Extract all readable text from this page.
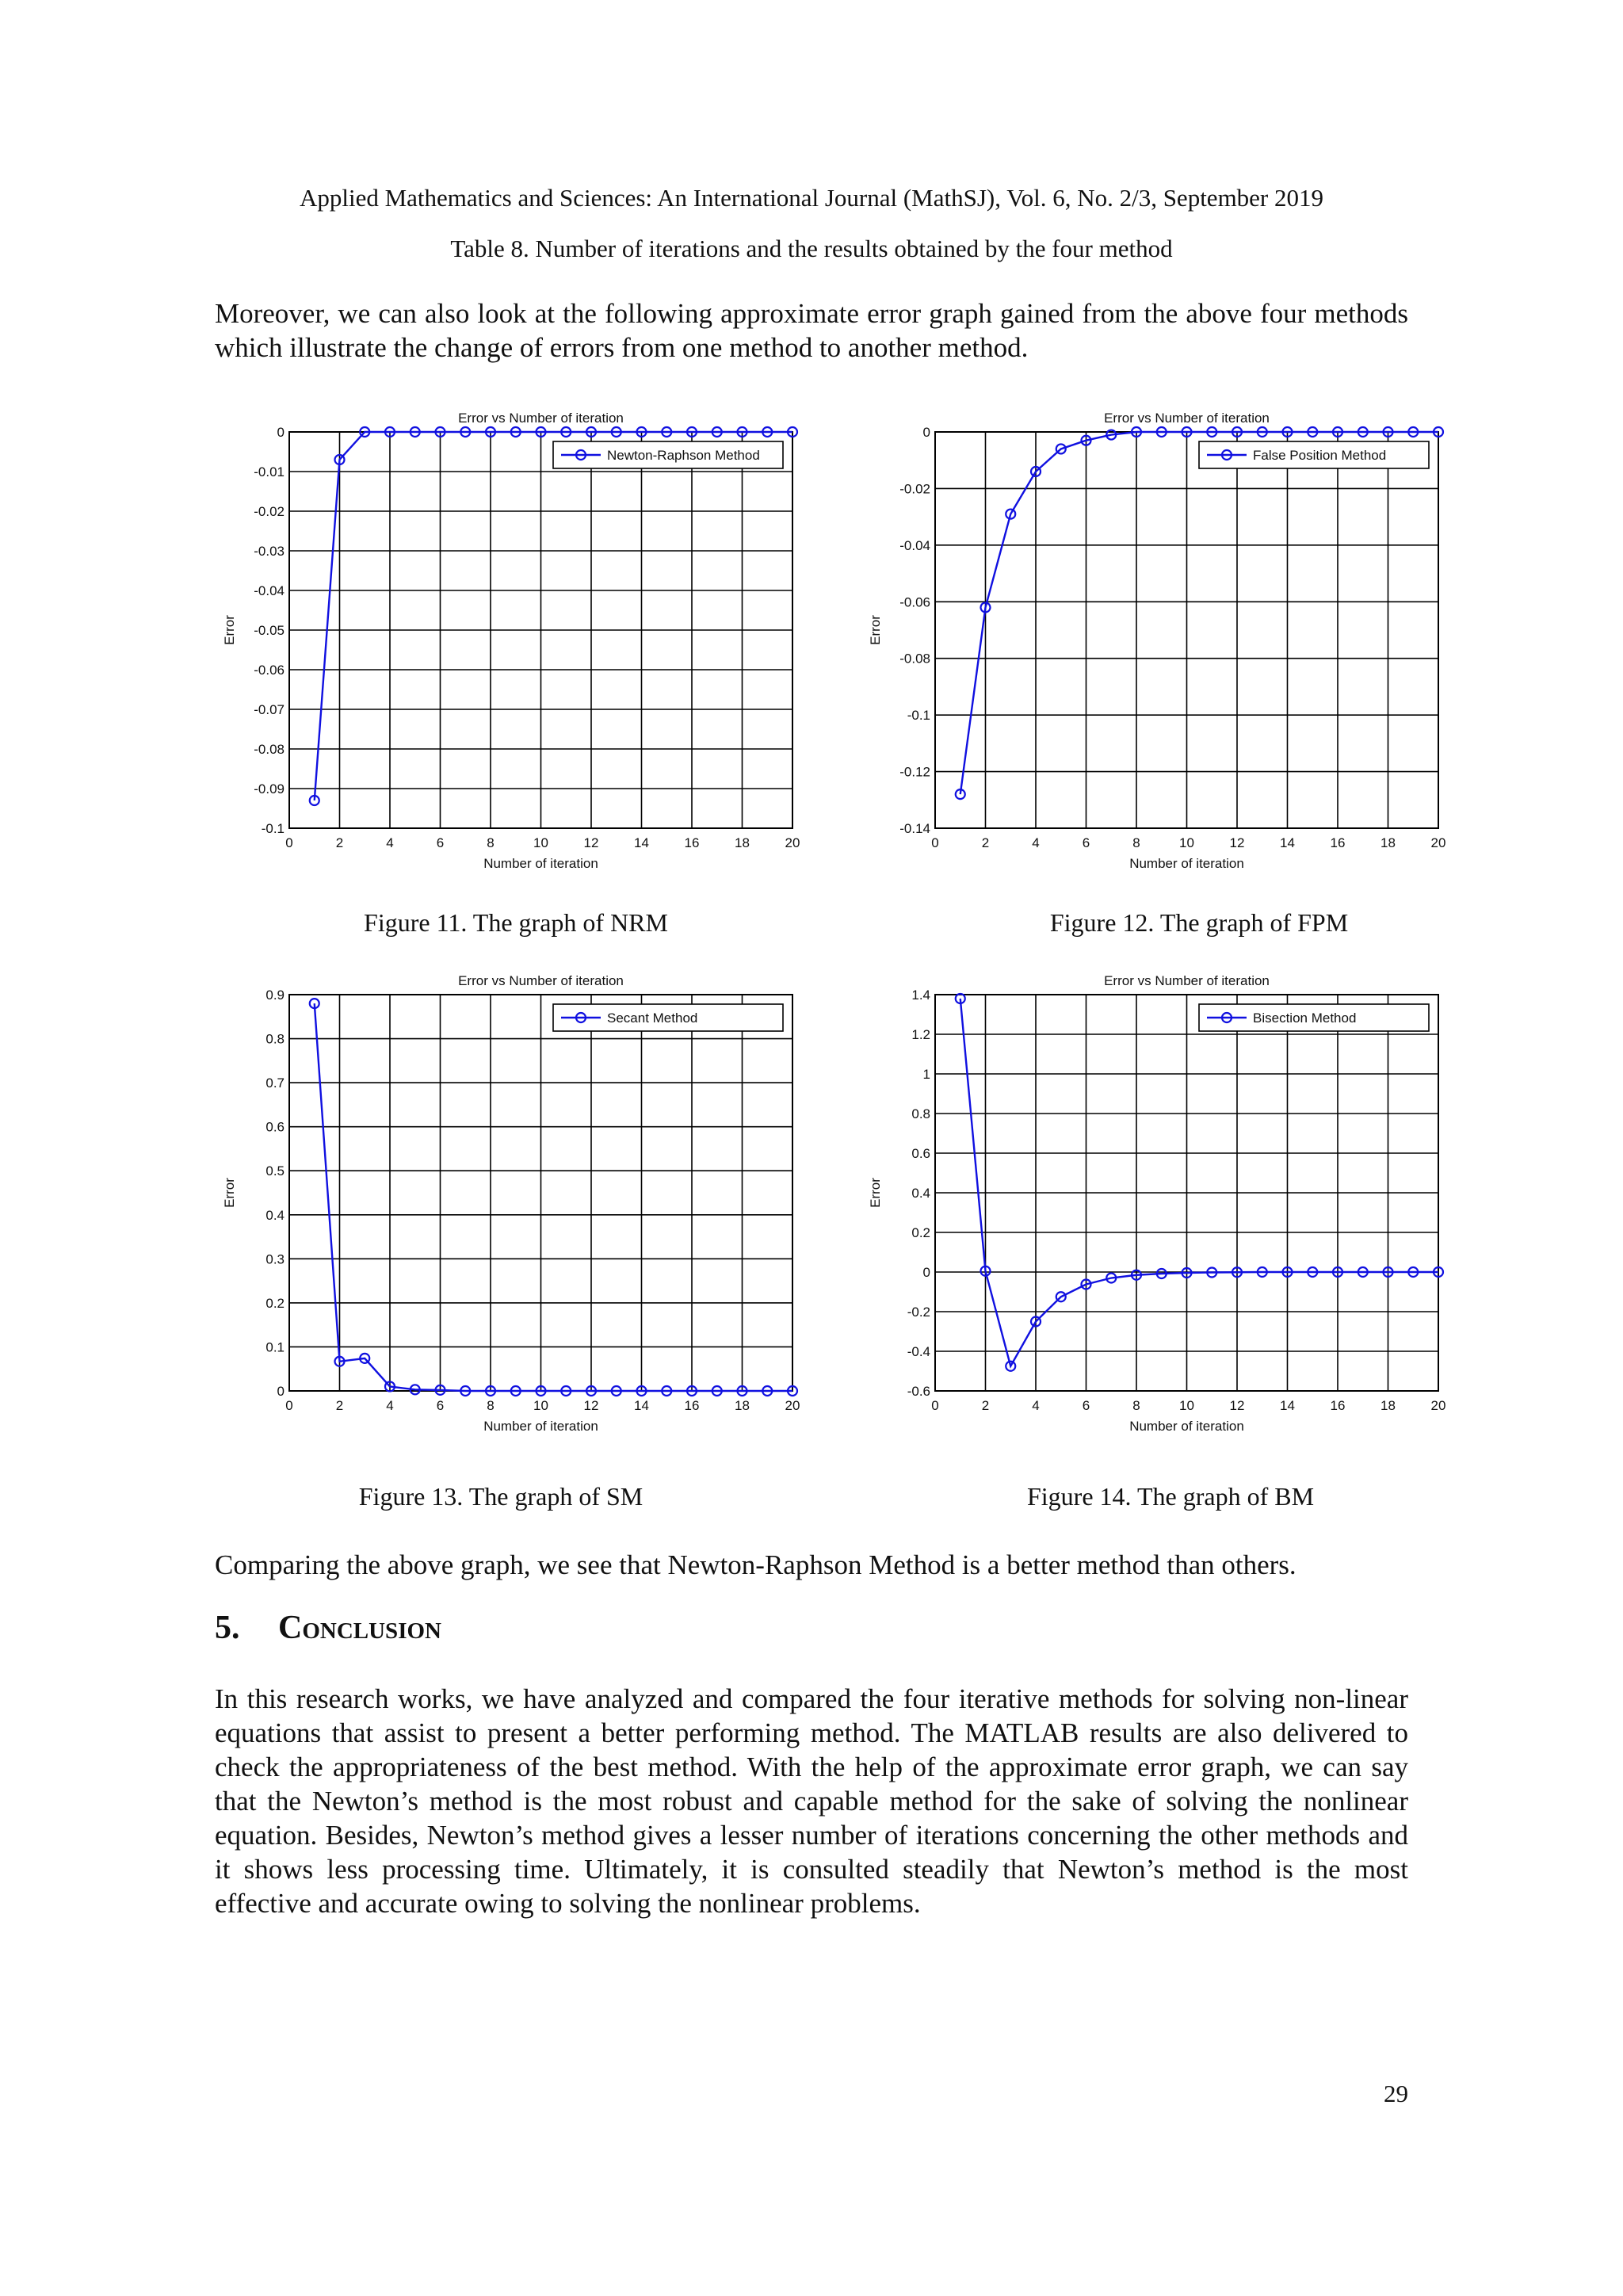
Applied Mathematics and Sciences: An International Journal (MathSJ), Vol. 6, No. 2/3, September 2019
Table 8. Number of iterations and the results obtained by the four method

Moreover, we can also look at the following approximate error graph gained from the above four methods which illustrate the change of errors from one method to another method.

0	2	4	6	8	10	12	14	16	18	20
0
-0.01
-0.02
-0.03
-0.04
-0.05
-0.06
-0.07
-0.08
-0.09
-0.1
Error vs Number of iteration
Number of iteration
Error
Newton-Raphson Method
0	2	4	6	8	10	12	14	16	18	20
0
-0.02
-0.04
-0.06
-0.08
-0.1
-0.12
-0.14
Error vs Number of iteration
Number of iteration
Error
False Position Method
0	2	4	6	8	10	12	14	16	18	20
0.9
0.8
0.7
0.6
0.5
0.4
0.3
0.2
0.1
0
Error vs Number of iteration
Number of iteration
Error
Secant Method
0	2	4	6	8	10	12	14	16	18	20
1.4
1.2
1
0.8
0.6
0.4
0.2
0
-0.2
-0.4
-0.6
Error vs Number of iteration
Number of iteration
Error
Bisection Method
Figure 11. The graph of NRM	Figure 12. The graph of FPM
Figure 13. The graph of SM	Figure 14. The graph of BM

Comparing the above graph, we see that Newton-Raphson Method is a better method than others.

5. Conclusion

In this research works, we have analyzed and compared the four iterative methods for solving non-linear equations that assist to present a better performing method. The MATLAB results are also delivered to check the appropriateness of the best method. With the help of the approximate error graph, we can say that the Newton’s method is the most robust and capable method for the sake of solving the nonlinear equation. Besides, Newton’s method gives a lesser number of iterations concerning the other methods and it shows less processing time. Ultimately, it is consulted steadily that Newton’s method is the most effective and accurate owing to solving the nonlinear problems.

29
